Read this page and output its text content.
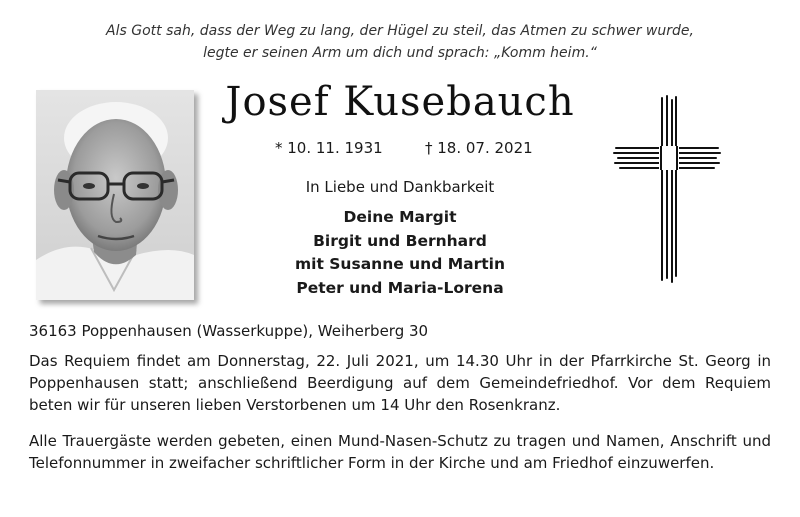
Als Gott sah, dass der Weg zu lang, der Hügel zu steil, das Atmen zu schwer wurde,
legte er seinen Arm um dich und sprach: „Komm heim.“
Josef Kusebauch
* 10. 11. 1931	† 18. 07. 2021
In Liebe und Dankbarkeit
Deine Margit
Birgit und Bernhard
mit Susanne und Martin
Peter und Maria-Lorena
36163 Poppenhausen (Wasserkuppe), Weiherberg 30
Das Requiem findet am Donnerstag, 22. Juli 2021, um 14.30 Uhr in der Pfarrkirche St. Georg in Poppenhausen statt; anschließend Beerdigung auf dem Gemeindefriedhof. Vor dem Requiem beten wir für unseren lieben Verstorbenen um 14 Uhr den Rosenkranz.
Alle Trauergäste werden gebeten, einen Mund-Nasen-Schutz zu tragen und Namen, Anschrift und Telefonnummer in zweifacher schriftlicher Form in der Kirche und am Friedhof einzuwerfen.
